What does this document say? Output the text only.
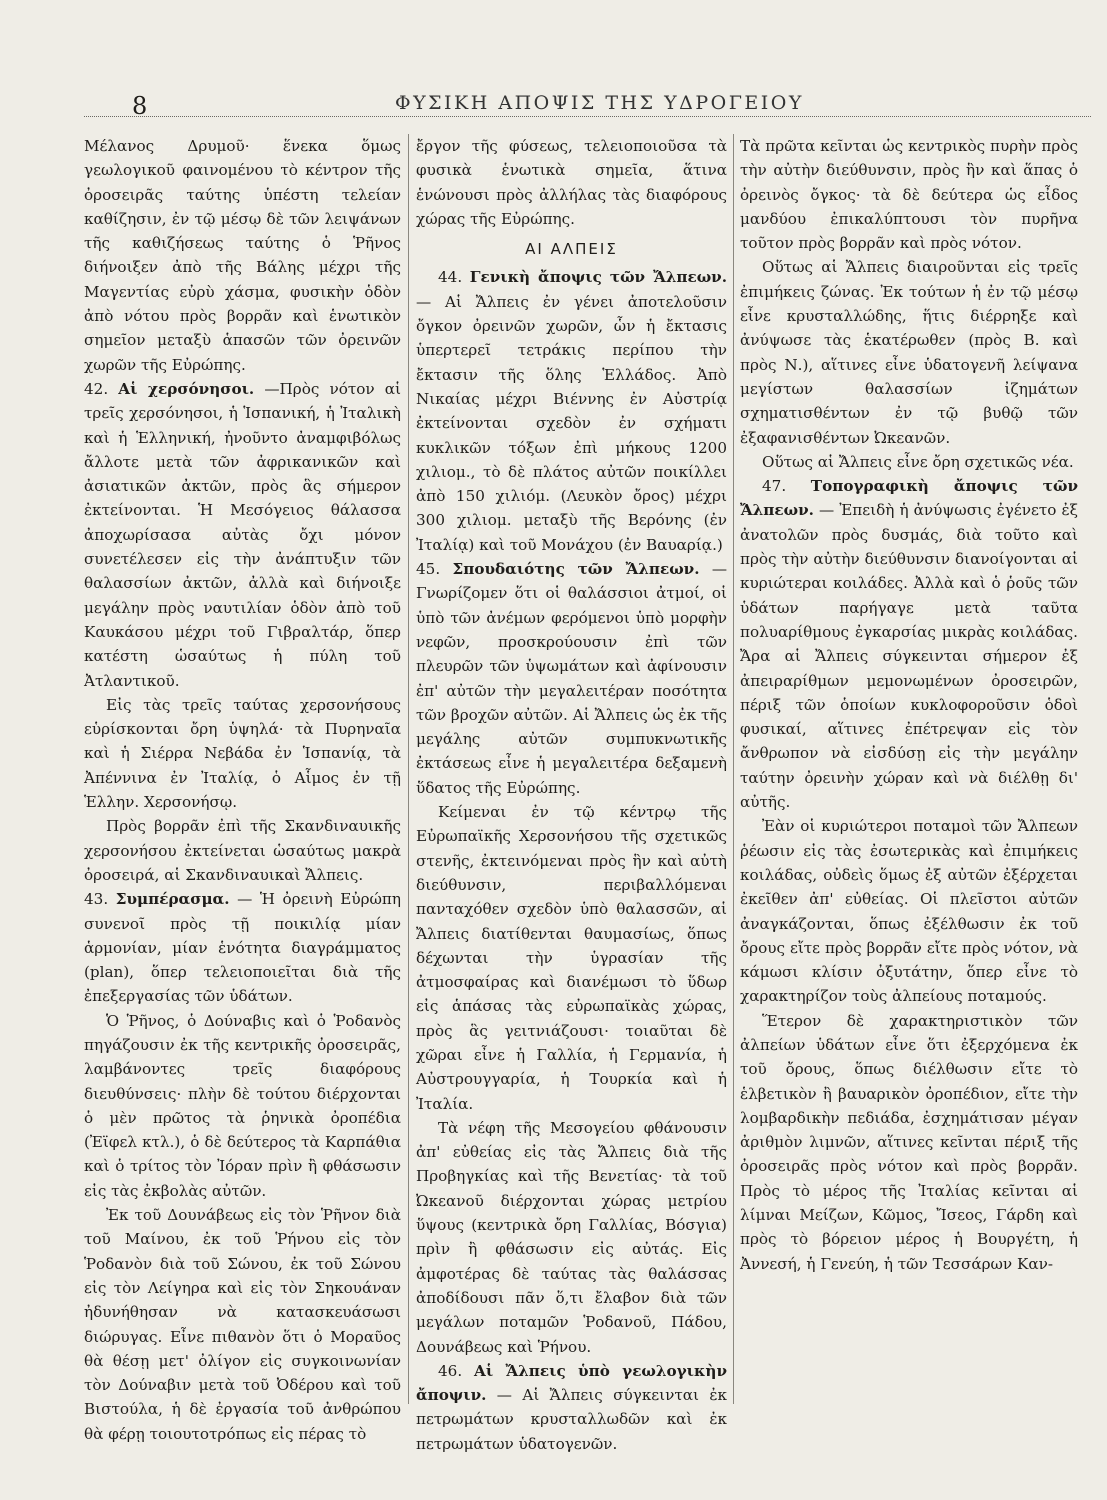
8	ΦΥΣΙΚΗ ΑΠΟΨΙΣ ΤΗΣ ΥΔΡΟΓΕΙΟΥ

Μέλανος Δρυμοῦ· ἕνεκα ὅμως γεωλογικοῦ φαινομένου τὸ κέντρον τῆς ὀροσειρᾶς ταύτης ὑπέστη τελείαν καθίζησιν, ἐν τῷ μέσῳ δὲ τῶν λειψάνων τῆς καθιζήσεως ταύτης ὁ Ῥῆνος διήνοιξεν ἀπὸ τῆς Βάλης μέχρι τῆς Μαγεντίας εὐρὺ χάσμα, φυσικὴν ὁδὸν ἀπὸ νότου πρὸς βορρᾶν καὶ ἑνωτικὸν σημεῖον μεταξὺ ἁπασῶν τῶν ὀρεινῶν χωρῶν τῆς Εὐρώπης.

42. Αἱ χερσόνησοι. —Πρὸς νότον αἱ τρεῖς χερσόνησοι, ἡ Ἱσπανική, ἡ Ἰταλικὴ καὶ ἡ Ἑλληνική, ἠνοῦντο ἀναμφιβόλως ἄλλοτε μετὰ τῶν ἀφρικανικῶν καὶ ἀσιατικῶν ἀκτῶν, πρὸς ἃς σήμερον ἐκτείνονται. Ἡ Μεσόγειος θάλασσα ἀποχωρίσασα αὐτὰς ὄχι μόνον συνετέλεσεν εἰς τὴν ἀνάπτυξιν τῶν θαλασσίων ἀκτῶν, ἀλλὰ καὶ διήνοιξε μεγάλην πρὸς ναυτιλίαν ὁδὸν ἀπὸ τοῦ Καυκάσου μέχρι τοῦ Γιβραλτάρ, ὅπερ κατέστη ὡσαύτως ἡ πύλη τοῦ Ἀτλαντικοῦ.

Εἰς τὰς τρεῖς ταύτας χερσονήσους εὑρίσκονται ὄρη ὑψηλά· τὰ Πυρηναῖα καὶ ἡ Σιέρρα Νεβάδα ἐν Ἱσπανίᾳ, τὰ Ἀπέννινα ἐν Ἰταλίᾳ, ὁ Αἷμος ἐν τῇ Ἑλλην. Χερσονήσῳ.

Πρὸς βορρᾶν ἐπὶ τῆς Σκανδιναυικῆς χερσονήσου ἐκτείνεται ὡσαύτως μακρὰ ὀροσειρά, αἱ Σκανδιναυικαὶ Ἄλπεις.

43. Συμπέρασμα. — Ἡ ὀρεινὴ Εὐρώπη συνενοῖ πρὸς τῇ ποικιλίᾳ μίαν ἁρμονίαν, μίαν ἑνότητα διαγράμματος (plan), ὅπερ τελειοποιεῖται διὰ τῆς ἐπεξεργασίας τῶν ὑδάτων.

Ὁ Ῥῆνος, ὁ Δούναβις καὶ ὁ Ῥοδανὸς πηγάζουσιν ἐκ τῆς κεντρικῆς ὀροσειρᾶς, λαμβάνοντες τρεῖς διαφόρους διευθύνσεις· πλὴν δὲ τούτου διέρχονται ὁ μὲν πρῶτος τὰ ῥηνικὰ ὀροπέδια (Ἐϊφελ κτλ.), ὁ δὲ δεύτερος τὰ Καρπάθια καὶ ὁ τρίτος τὸν Ἰόραν πρὶν ἢ φθάσωσιν εἰς τὰς ἐκβολὰς αὐτῶν.

Ἐκ τοῦ Δουνάβεως εἰς τὸν Ῥῆνον διὰ τοῦ Μαίνου, ἐκ τοῦ Ῥήνου εἰς τὸν Ῥοδανὸν διὰ τοῦ Σώνου, ἐκ τοῦ Σώνου εἰς τὸν Λείγηρα καὶ εἰς τὸν Σηκουάναν ἠδυνήθησαν νὰ κατασκευάσωσι διώρυγας. Εἶνε πιθανὸν ὅτι ὁ Μοραῦος θὰ θέσῃ μετ' ὀλίγον εἰς συγκοινωνίαν τὸν Δούναβιν μετὰ τοῦ Ὀδέρου καὶ τοῦ Βιστούλα, ἡ δὲ ἐργασία τοῦ ἀνθρώπου θὰ φέρῃ τοιουτοτρόπως εἰς πέρας τὸ

ἔργον τῆς φύσεως, τελειοποιοῦσα τὰ φυσικὰ ἑνωτικὰ σημεῖα, ἅτινα ἑνώνουσι πρὸς ἀλλήλας τὰς διαφόρους χώρας τῆς Εὐρώπης.

ΑΙ ΑΛΠΕΙΣ

44. Γενικὴ ἄποψις τῶν Ἄλπεων. — Αἱ Ἄλπεις ἐν γένει ἀποτελοῦσιν ὄγκον ὀρεινῶν χωρῶν, ὧν ἡ ἔκτασις ὑπερτερεῖ τετράκις περίπου τὴν ἔκτασιν τῆς ὅλης Ἑλλάδος. Ἀπὸ Νικαίας μέχρι Βιέννης ἐν Αὐστρίᾳ ἐκτείνονται σχεδὸν ἐν σχήματι κυκλικῶν τόξων ἐπὶ μήκους 1200 χιλιομ., τὸ δὲ πλάτος αὐτῶν ποικίλλει ἀπὸ 150 χιλιόμ. (Λευκὸν ὄρος) μέχρι 300 χιλιομ. μεταξὺ τῆς Βερόνης (ἐν Ἰταλίᾳ) καὶ τοῦ Μονάχου (ἐν Βαυαρίᾳ.)

45. Σπουδαιότης τῶν Ἄλπεων. — Γνωρίζομεν ὅτι οἱ θαλάσσιοι ἀτμοί, οἱ ὑπὸ τῶν ἀνέμων φερόμενοι ὑπὸ μορφὴν νεφῶν, προσκρούουσιν ἐπὶ τῶν πλευρῶν τῶν ὑψωμάτων καὶ ἀφίνουσιν ἐπ' αὐτῶν τὴν μεγαλειτέραν ποσότητα τῶν βροχῶν αὐτῶν. Αἱ Ἄλπεις ὡς ἐκ τῆς μεγάλης αὐτῶν συμπυκνωτικῆς ἐκτάσεως εἶνε ἡ μεγαλειτέρα δεξαμενὴ ὕδατος τῆς Εὐρώπης.

Κείμεναι ἐν τῷ κέντρῳ τῆς Εὐρωπαϊκῆς Χερσονήσου τῆς σχετικῶς στενῆς, ἐκτεινόμεναι πρὸς ἣν καὶ αὐτὴ διεύθυνσιν, περιβαλλόμεναι πανταχόθεν σχεδὸν ὑπὸ θαλασσῶν, αἱ Ἄλπεις διατίθενται θαυμασίως, ὅπως δέχωνται τὴν ὑγρασίαν τῆς ἀτμοσφαίρας καὶ διανέμωσι τὸ ὕδωρ εἰς ἁπάσας τὰς εὐρωπαϊκὰς χώρας, πρὸς ἃς γειτνιάζουσι· τοιαῦται δὲ χῶραι εἶνε ἡ Γαλλία, ἡ Γερμανία, ἡ Αὐστρουγγαρία, ἡ Τουρκία καὶ ἡ Ἰταλία.

Τὰ νέφη τῆς Μεσογείου φθάνουσιν ἀπ' εὐθείας εἰς τὰς Ἄλπεις διὰ τῆς Προβηγκίας καὶ τῆς Βενετίας· τὰ τοῦ Ὠκεανοῦ διέρχονται χώρας μετρίου ὕψους (κεντρικὰ ὄρη Γαλλίας, Βόσγια) πρὶν ἢ φθάσωσιν εἰς αὐτάς. Εἰς ἀμφοτέρας δὲ ταύτας τὰς θαλάσσας ἀποδίδουσι πᾶν ὅ,τι ἔλαβον διὰ τῶν μεγάλων ποταμῶν Ῥοδανοῦ, Πάδου, Δουνάβεως καὶ Ῥήνου.

46. Αἱ Ἄλπεις ὑπὸ γεωλογικὴν ἄποψιν. — Αἱ Ἄλπεις σύγκεινται ἐκ πετρωμάτων κρυσταλλωδῶν καὶ ἐκ πετρωμάτων ὑδατογενῶν.

Τὰ πρῶτα κεῖνται ὡς κεντρικὸς πυρὴν πρὸς τὴν αὐτὴν διεύθυνσιν, πρὸς ἣν καὶ ἅπας ὁ ὀρεινὸς ὄγκος· τὰ δὲ δεύτερα ὡς εἶδος μανδύου ἐπικαλύπτουσι τὸν πυρῆνα τοῦτον πρὸς βορρᾶν καὶ πρὸς νότον.

Οὕτως αἱ Ἄλπεις διαιροῦνται εἰς τρεῖς ἐπιμήκεις ζώνας. Ἐκ τούτων ἡ ἐν τῷ μέσῳ εἶνε κρυσταλλώδης, ἥτις διέρρηξε καὶ ἀνύψωσε τὰς ἑκατέρωθεν (πρὸς Β. καὶ πρὸς Ν.), αἵτινες εἶνε ὑδατογενῆ λείψανα μεγίστων θαλασσίων ἰζημάτων σχηματισθέντων ἐν τῷ βυθῷ τῶν ἐξαφανισθέντων Ὠκεανῶν.

Οὕτως αἱ Ἄλπεις εἶνε ὄρη σχετικῶς νέα.

47. Τοπογραφικὴ ἄποψις τῶν Ἄλπεων. — Ἐπειδὴ ἡ ἀνύψωσις ἐγένετο ἐξ ἀνατολῶν πρὸς δυσμάς, διὰ τοῦτο καὶ πρὸς τὴν αὐτὴν διεύθυνσιν διανοίγονται αἱ κυριώτεραι κοιλάδες. Ἀλλὰ καὶ ὁ ῥοῦς τῶν ὑδάτων παρήγαγε μετὰ ταῦτα πολυαρίθμους ἐγκαρσίας μικρὰς κοιλάδας. Ἄρα αἱ Ἄλπεις σύγκεινται σήμερον ἐξ ἀπειραρίθμων μεμονωμένων ὀροσειρῶν, πέριξ τῶν ὁποίων κυκλοφοροῦσιν ὁδοὶ φυσικαί, αἵτινες ἐπέτρεψαν εἰς τὸν ἄνθρωπον νὰ εἰσδύσῃ εἰς τὴν μεγάλην ταύτην ὀρεινὴν χώραν καὶ νὰ διέλθῃ δι' αὐτῆς.

Ἐὰν οἱ κυριώτεροι ποταμοὶ τῶν Ἄλπεων ῥέωσιν εἰς τὰς ἐσωτερικὰς καὶ ἐπιμήκεις κοιλάδας, οὐδεὶς ὅμως ἐξ αὐτῶν ἐξέρχεται ἐκεῖθεν ἀπ' εὐθείας. Οἱ πλεῖστοι αὐτῶν ἀναγκάζονται, ὅπως ἐξέλθωσιν ἐκ τοῦ ὄρους εἴτε πρὸς βορρᾶν εἴτε πρὸς νότον, νὰ κάμωσι κλίσιν ὀξυτάτην, ὅπερ εἶνε τὸ χαρακτηρίζον τοὺς ἀλπείους ποταμούς.

Ἕτερον δὲ χαρακτηριστικὸν τῶν ἀλπείων ὑδάτων εἶνε ὅτι ἐξερχόμενα ἐκ τοῦ ὄρους, ὅπως διέλθωσιν εἴτε τὸ ἑλβετικὸν ἢ βαυαρικὸν ὀροπέδιον, εἴτε τὴν λομβαρδικὴν πεδιάδα, ἐσχημάτισαν μέγαν ἀριθμὸν λιμνῶν, αἵτινες κεῖνται πέριξ τῆς ὀροσειρᾶς πρὸς νότον καὶ πρὸς βορρᾶν. Πρὸς τὸ μέρος τῆς Ἰταλίας κεῖνται αἱ λίμναι Μείζων, Κῶμος, Ἴσεος, Γάρδη καὶ πρὸς τὸ βόρειον μέρος ἡ Βουργέτη, ἡ Ἀννεσή, ἡ Γενεύη, ἡ τῶν Τεσσάρων Καν-
